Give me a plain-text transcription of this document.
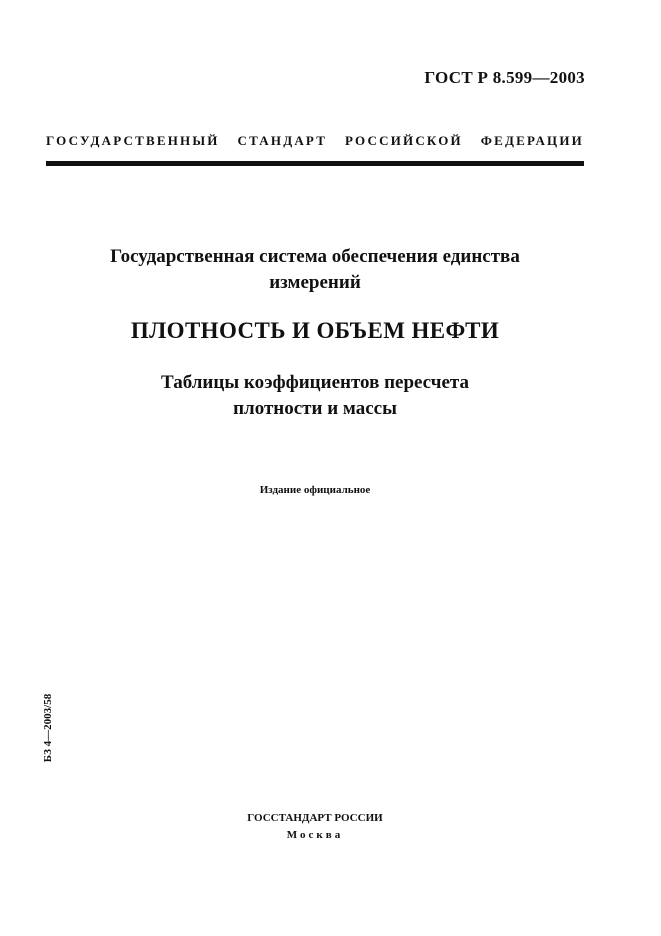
ГОСТ Р 8.599—2003
ГОСУДАРСТВЕННЫЙ СТАНДАРТ РОССИЙСКОЙ ФЕДЕРАЦИИ
Государственная система обеспечения единства
измерений
ПЛОТНОСТЬ И ОБЪЕМ НЕФТИ
Таблицы коэффициентов пересчета
плотности и массы
Издание официальное
БЗ 4—2003/58
ГОССТАНДАРТ РОССИИ
Москва
